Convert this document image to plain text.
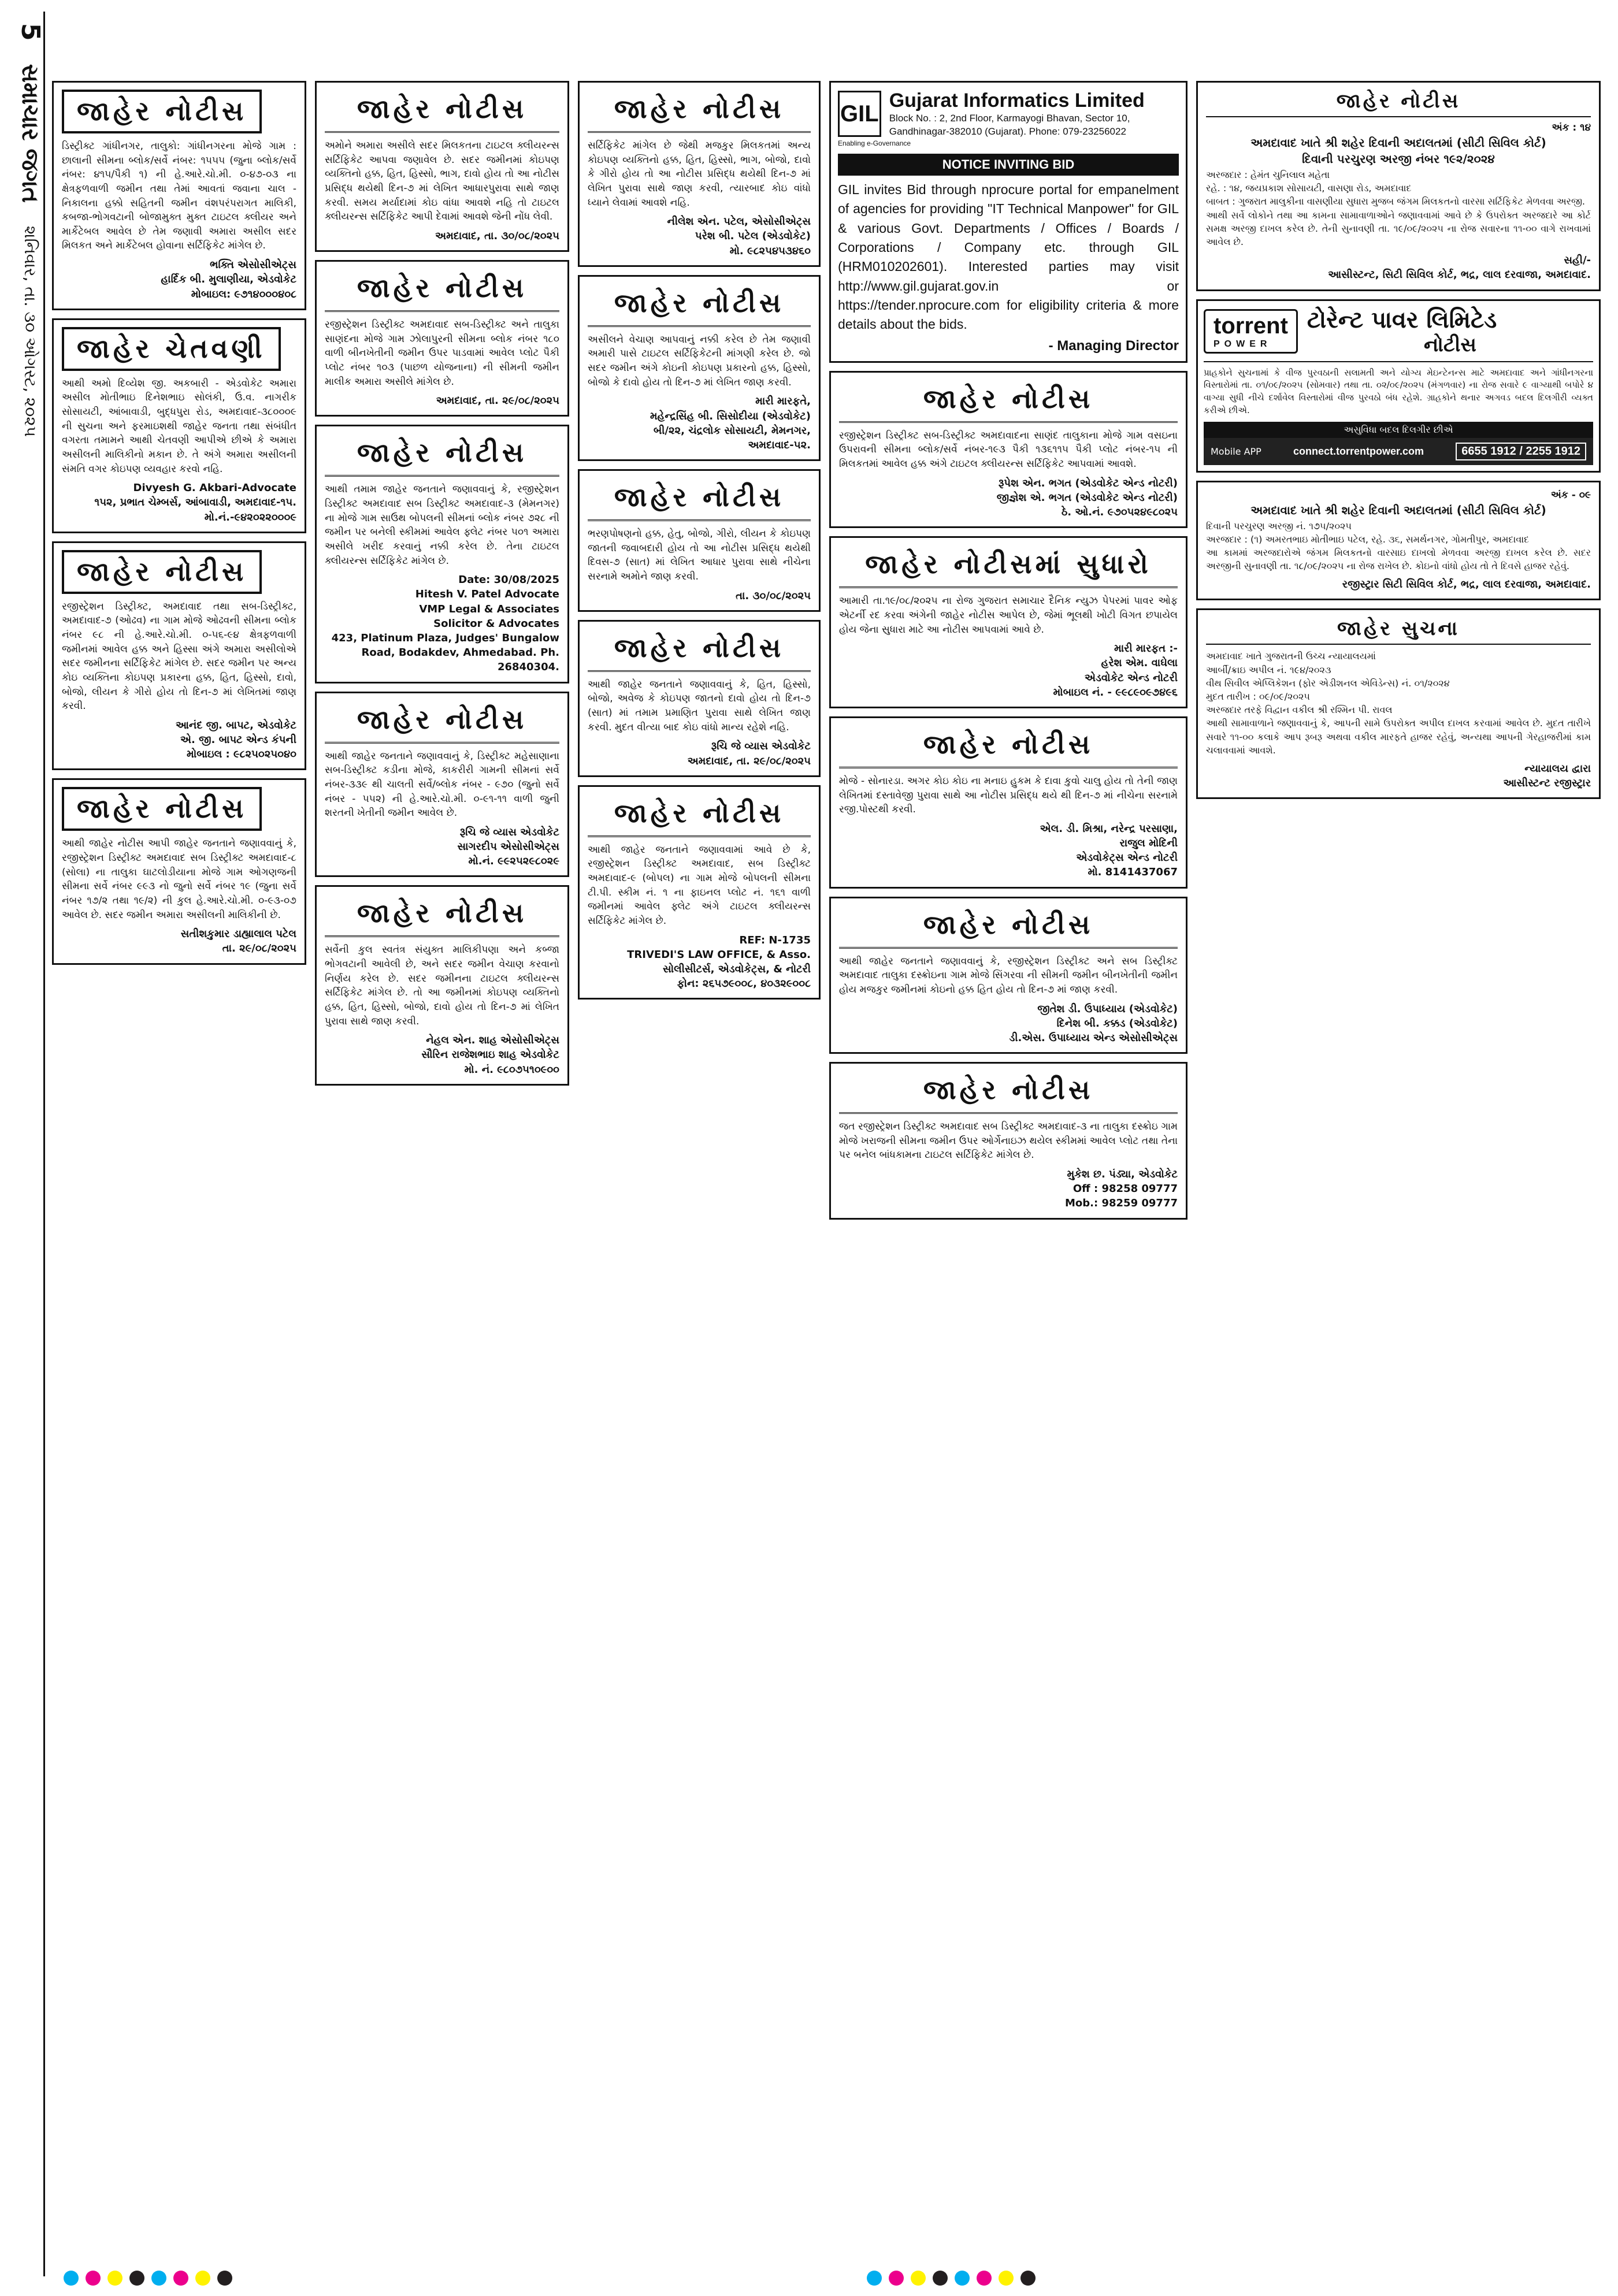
5
સમાચાર જગત
શનિવાર, તા. ૩૦ ઓગસ્ટ, ૨૦૨૫
જાહેર નોટીસ
ડિસ્ટ્રીક્ટ ગાંધીનગર, તાલુકો: ગાંધીનગરના મોજે ગામ : છાલાની સીમના બ્લોક/સર્વે નંબર: ૧૫૫૫ (જુના બ્લોક/સર્વે નંબર: ૪૧૫/પૈકી ૧) ની હે.આરે.ચો.મી. ૦-૪૭-૦૩ ના ક્ષેત્રફળવાળી જમીન તથા તેમાં આવતાં જવાના ચાલ - નિકાલના હક્કો સહિતની જમીન વંશપરંપરાગત માલિકી, કબજા-ભોગવટાની બોજામુક્ત મુક્ત ટાઇટલ ક્લીયર અને માર્કેટેબલ આવેલ છે તેમ જણાવી અમારા અસીલ સદર મિલકત અને માર્કેટેબલ હોવાના સર્ટિફિકેટ માંગેલ છે.
ભક્તિ એસોસીએટ્સ
હાર્દિક બી. મુલાણીયા, એડવોકેટ
મોબાઇલ: ૯૭૧૪૦૦૦૪૦૮
જાહેર ચેતવણી
આથી અમો દિવ્યેશ જી. અકબારી - એડવોકેટ અમારા અસીલ મોતીભાઇ દિનેશભાઇ સોલંકી, ઉ.વ. નાગરીક સોસાયટી, આંબાવાડી, બુદ્ધપુરા રોડ, અમદાવાદ-૩૮૦૦૦૯ ની સુચના અને ફરમાઇશથી જાહેર જનતા તથા સંબંધીત વગરતા તમામને આથી ચેતવણી આપીએ છીએ કે અમારા અસીલની માલિકીનો મકાન છે. તે અંગે અમારા અસીલની સંમતિ વગર કોઇપણ વ્યવહાર કરવો નહિ.
Divyesh G. Akbari-Advocate
૧૫૨, પ્રભાત ચેમ્બર્સ, આંબાવાડી, અમદાવાદ-૧૫.
મો.નં.-૯૪૨૦૨૨૦૦૦૯
જાહેર નોટીસ
રજીસ્ટ્રેશન ડિસ્ટ્રીક્ટ, અમદાવાદ તથા સબ-ડિસ્ટ્રીક્ટ, અમદાવાદ-૭ (ઓઢવ) ના ગામ મોજે ઓઢવની સીમના બ્લોક નંબર ૯૮ ની હે.આરે.ચો.મી. ૦-૫૬-૯૪ ક્ષેત્રફળવાળી જમીનમાં આવેલ હક્ક અને હિસ્સા અંગે અમારા અસીલોએ સદર જમીનના સર્ટિફિકેટ માંગેલ છે. સદર જમીન પર અન્ય કોઇ વ્યક્તિના કોઇપણ પ્રકારના હક્ક, હિત, હિસ્સો, દાવો, બોજો, લીયન કે ગીરો હોય તો દિન-૭ માં લેખિતમાં જાણ કરવી.
આનંદ જી. બાપટ, એડવોકેટ
એ. જી. બાપટ એન્ડ કંપની
મોબાઇલ : ૯૮૨૫૦૨૫૦૪૦
જાહેર નોટીસ
આથી જાહેર નોટીસ આપી જાહેર જનતાને જણાવવાનું કે, રજીસ્ટ્રેશન ડિસ્ટ્રીક્ટ અમદાવાદ સબ ડિસ્ટ્રીક્ટ અમદાવાદ-૮ (સોલા) ના તાલુકા ઘાટલોડીયાના મોજે ગામ ઓગણજની સીમના સર્વે નંબર ૯૯૩ નો જુનો સર્વે નંબર ૧૯ (જુના સર્વે નંબર ૧૭/૨ તથા ૧૯/૨) ની કુલ હે.આરે.ચો.મી. ૦-૯૩-૦૭ આવેલ છે. સદર જમીન અમારા અસીલની માલિકીની છે.
સતીશકુમાર ડાહ્યાલાલ પટેલ
તા. ૨૯/૦૮/૨૦૨૫
જાહેર નોટીસ
અમોને અમારા અસીલે સદર મિલકતના ટાઇટલ ક્લીયરન્સ સર્ટિફિકેટ આપવા જણાવેલ છે. સદર જમીનમાં કોઇપણ વ્યક્તિનો હક્ક, હિત, હિસ્સો, ભાગ, દાવો હોય તો આ નોટીસ પ્રસિદ્ધ થયેથી દિન-૭ માં લેખિત આધારપુરાવા સાથે જાણ કરવી. સમય મર્યાદામાં કોઇ વાંધા આવશે નહિ તો ટાઇટલ ક્લીયરન્સ સર્ટિફિકેટ આપી દેવામાં આવશે જેની નોંધ લેવી.
અમદાવાદ, તા. ૩૦/૦૮/૨૦૨૫
જાહેર નોટીસ
રજીસ્ટ્રેશન ડિસ્ટ્રીક્ટ અમદાવાદ સબ-ડિસ્ટ્રીક્ટ અને તાલુકા સાણંદના મોજે ગામ ઝોલાપુરની સીમના બ્લોક નંબર ૧૮૦ વાળી બીનખેતીની જમીન ઉપર પાડવામાં આવેલ પ્લોટ પૈકી પ્લોટ નંબર ૧૦૩ (પાછળ યોજનાના) ની સીમની જમીન માલીક અમારા અસીલે માંગેલ છે.
અમદાવાદ, તા. ૨૯/૦૮/૨૦૨૫
જાહેર નોટીસ
આથી તમામ જાહેર જનતાને જણાવવાનું કે, રજીસ્ટ્રેશન ડિસ્ટ્રીક્ટ અમદાવાદ સબ ડિસ્ટ્રીક્ટ અમદાવાદ-૩ (મેમનગર) ના મોજે ગામ સાઉથ બોપલની સીમનાં બ્લોક નંબર ૭૨૮ ની જમીન પર બનેલી સ્કીમમાં આવેલ ફ્લેટ નંબર ૫૦૧ અમારા અસીલે ખરીદ કરવાનું નક્કી કરેલ છે. તેના ટાઇટલ ક્લીયરન્સ સર્ટિફિકેટ માંગેલ છે.
Date: 30/08/2025
Hitesh V. Patel Advocate
VMP Legal & Associates
Solicitor & Advocates
423, Platinum Plaza, Judges' Bungalow Road, Bodakdev, Ahmedabad. Ph. 26840304.
જાહેર નોટીસ
આથી જાહેર જનતાને જણાવવાનું કે, ડિસ્ટ્રીક્ટ મહેસાણાના સબ-ડિસ્ટ્રીક્ટ કડીના મોજે, કાકરીરી ગામની સીમનાં સર્વે નંબર-૩૩૯ થી ચાલતી સર્વે/બ્લોક નંબર - ૯૭૦ (જુનો સર્વે નંબર - ૫૫૨) ની હે.આરે.ચો.મી. ૦-૯૧-૧૧ વાળી જુની શરતની ખેતીની જમીન આવેલ છે.
રૂચિ જે વ્યાસ એડવોકેટ
સાગરદીપ એસોસીએટ્સ
મો.નં. ૯૯૨૫૨૯૮૦૨૯
જાહેર નોટીસ
સર્વેની કુલ સ્વતંત્ર સંયુક્ત માલિકીપણા અને કબ્જા ભોગવટાની આવેલી છે, અને સદર જમીન વેચાણ કરવાનો નિર્ણય કરેલ છે. સદર જમીનના ટાઇટલ ક્લીયરન્સ સર્ટિફિકેટ માંગેલ છે. તો આ જમીનમાં કોઇપણ વ્યક્તિનો હક્ક, હિત, હિસ્સો, બોજો, દાવો હોય તો દિન-૭ માં લેખિત પુરાવા સાથે જાણ કરવી.
નેહલ એન. શાહ એસોસીએટ્સ
સૌરિન રાજેશભાઇ શાહ એડવોકેટ
મો. નં. ૯૮૦૭૫૧૦૯૦૦
જાહેર નોટીસ
સર્ટિફિકેટ માંગેલ છે જેથી મજકુર મિલકતમાં અન્ય કોઇપણ વ્યક્તિનો હક્ક, હિત, હિસ્સો, ભાગ, બોજો, દાવો કે ગીરો હોય તો આ નોટીસ પ્રસિદ્ધ થયેથી દિન-૭ માં લેખિત પુરાવા સાથે જાણ કરવી, ત્યારબાદ કોઇ વાંધો ધ્યાને લેવામાં આવશે નહિ.
નીલેશ એન. પટેલ, એસોસીએટ્સ
પરેશ બી. પટેલ (એડવોકેટ)
મો. ૯૮૨૫૪૫૩૪૬૦
જાહેર નોટીસ
અસીલને વેચાણ આપવાનું નક્કી કરેલ છે તેમ જણાવી અમારી પાસે ટાઇટલ સર્ટિફિકેટની માંગણી કરેલ છે. જો સદર જમીન અંગે કોઇની કોઇપણ પ્રકારનો હક્ક, હિસ્સો, બોજો કે દાવો હોય તો દિન-૭ માં લેખિત જાણ કરવી.
મારી મારફતે,
મહેન્દ્રસિંહ બી. સિસોદીયા (એડવોકેટ)
બી/૨૨, ચંદ્રલોક સોસાયટી, મેમનગર, અમદાવાદ-૫૨.
જાહેર નોટીસ
ભરણપોષણનો હક્ક, હેતુ, બોજો, ગીરો, લીયન કે કોઇપણ જાતની જવાબદારી હોય તો આ નોટીસ પ્રસિદ્ધ થયેથી દિવસ-૭ (સાત) માં લેખિત આધાર પુરાવા સાથે નીચેના સરનામે અમોને જાણ કરવી.
તા. ૩૦/૦૮/૨૦૨૫
જાહેર નોટીસ
આથી જાહેર જનતાને જણાવવાનું કે, હિત, હિસ્સો, બોજો, અવેજ કે કોઇપણ જાતનો દાવો હોય તો દિન-૭ (સાત) માં તમામ પ્રમાણિત પુરાવા સાથે લેખિત જાણ કરવી. મુદત વીત્યા બાદ કોઇ વાંધો માન્ય રહેશે નહિ.
રૂચિ જે વ્યાસ એડવોકેટ
અમદાવાદ, તા. ૨૯/૦૮/૨૦૨૫
જાહેર નોટીસ
આથી જાહેર જનતાને જણાવવામાં આવે છે કે, રજીસ્ટ્રેશન ડિસ્ટ્રીક્ટ અમદાવાદ, સબ ડિસ્ટ્રીક્ટ અમદાવાદ-૯ (બોપલ) ના ગામ મોજે બોપલની સીમના ટી.પી. સ્કીમ નં. ૧ ના ફાઇનલ પ્લોટ નં. ૧૬૧ વાળી જમીનમાં આવેલ ફ્લેટ અંગે ટાઇટલ ક્લીયરન્સ સર્ટિફિકેટ માંગેલ છે.
REF: N-1735
TRIVEDI'S LAW OFFICE, & Asso.
સોલીસીટર્સ, એડવોકેટ્સ, & નોટરી
ફોન: ૨૬૫૭૯૦૦૮, ૪૦૩૨૯૦૦૮
GIL
Gujarat Informatics Limited
Block No. : 2, 2nd Floor, Karmayogi Bhavan, Sector 10, Gandhinagar-382010 (Gujarat). Phone: 079-23256022
Enabling e-Governance
NOTICE INVITING BID
GIL invites Bid through nprocure portal for empanelment of agencies for providing "IT Technical Manpower" for GIL & various Govt. Departments / Offices / Boards / Corporations / Company etc. through GIL (HRM010202601). Interested parties may visit http://www.gil.gujarat.gov.in or https://tender.nprocure.com for eligibility criteria & more details about the bids.
- Managing Director
જાહેર નોટીસ
રજીસ્ટ્રેશન ડિસ્ટ્રીક્ટ સબ-ડિસ્ટ્રીક્ટ અમદાવાદના સાણંદ તાલુકાના મોજે ગામ વસઇના ઉપરાવની સીમના બ્લોક/સર્વે નંબર-૧૯૩ પૈકી ૧૩૬૧૧૫ પૈકી પ્લોટ નંબર-૧૫ ની મિલકતમાં આવેલ હક્ક અંગે ટાઇટલ ક્લીયરન્સ સર્ટિફિકેટ આપવામાં આવશે.
રૂપેશ એન. ભગત (એડવોકેટ એન્ડ નોટરી)
જીજ્ઞેશ એ. ભગત (એડવોકેટ એન્ડ નોટરી)
ઠે. ઓ.નં. ૯૭૦૫૨૪૯૮૦૨૫
જાહેર નોટીસમાં સુધારો
આમારી તા.૧૯/૦૮/૨૦૨૫ ના રોજ ગુજરાત સમાચાર દૈનિક ન્યુઝ પેપરમાં પાવર ઓફ એટર્ની રદ કરવા અંગેની જાહેર નોટીસ આપેલ છે, જેમાં ભૂલથી ખોટી વિગત છપાયેલ હોય જેના સુધારા માટે આ નોટીસ આપવામાં આવે છે.
મારી મારફત :-
હરેશ એમ. વાઘેલા
એડવોકેટ એન્ડ નોટરી
મોબાઇલ નં. - ૯૯૮૯૦૯૭૪૯૬
જાહેર નોટીસ
મોજે - સોનારડા. અગર કોઇ કોઇ ના મનાઇ હુકમ કે દાવા કુવો ચાલુ હોય તો તેની જાણ લેખિતમાં દસ્તાવેજી પુરાવા સાથે આ નોટીસ પ્રસિદ્ધ થયે થી દિન-૭ માં નીચેના સરનામે રજી.પોસ્ટથી કરવી.
એલ. ડી. મિશ્રા, નરેન્દ્ર પરસાણા,
રાજુલ મોદિની
એડવોકેટ્સ એન્ડ નોટરી
મો. 8141437067
જાહેર નોટીસ
આથી જાહેર જનતાને જણાવવાનું કે, રજીસ્ટ્રેશન ડિસ્ટ્રીક્ટ અને સબ ડિસ્ટ્રીક્ટ અમદાવાદ તાલુકા દસ્ક્રોઇના ગામ મોજે સિંગરવા ની સીમની જમીન બીનખેતીની જમીન હોય મજકુર જમીનમાં કોઇનો હક્ક હિત હોય તો દિન-૭ માં જાણ કરવી.
જીતેશ ડી. ઉપાધ્યાય (એડવોકેટ)
દિનેશ બી. કક્કડ (એડવોકેટ)
ડી.એસ. ઉપાધ્યાય એન્ડ એસોસીએટ્સ
જાહેર નોટીસ
જત રજીસ્ટ્રેશન ડિસ્ટ્રીક્ટ અમદાવાદ સબ ડિસ્ટ્રીક્ટ અમદાવાદ-૩ ના તાલુકા દસ્ક્રોઇ ગામ મોજે ખરાજની સીમના જમીન ઉપર ઓર્ગેનાઇઝ થયેલ સ્કીમમાં આવેલ પ્લોટ તથા તેના પર બનેલ બાંધકામના ટાઇટલ સર્ટિફિકેટ માંગેલ છે.
મુકેશ છ. પંડ્યા, એડવોકેટ
Off : 98258 09777
Mob.: 98259 09777
જાહેર નોટીસ
અંક : ૧૪
અમદાવાદ ખાતે શ્રી શહેર દિવાની અદાલતમાં (સીટી સિવિલ કોર્ટ)
દિવાની પરચુરણ અરજી નંબર ૧૯૨/૨૦૨૪
અરજદાર : હેમંત ચુનિલાલ મહેતા
રહે. : ૧૪, જયપ્રકાશ સોસાયટી, વાસણા રોડ, અમદાવાદ
બાબત : ગુજરાત માલુકીના વાસણીયા સુધારા મુજબ જંગમ મિલકતનો વારસા સર્ટિફિકેટ મેળવવા અરજી.
આથી સર્વે લોકોને તથા આ કામના સામાવાળાઓને જણાવવામાં આવે છે કે ઉપરોક્ત અરજદારે આ કોર્ટ સમક્ષ અરજી દાખલ કરેલ છે. તેની સુનાવણી તા. ૧૯/૦૯/૨૦૨૫ ના રોજ સવારના ૧૧-૦૦ વાગે રાખવામાં આવેલ છે.
સહી/-
આસીસ્ટન્ટ, સિટી સિવિલ કોર્ટ, ભદ્ર, લાલ દરવાજા, અમદાવાદ.
torrent
POWER
ટોરેન્ટ પાવર લિમિટેડ
નોટીસ
પ્રાહકોને સુચનામાં કે વીજ પુરવઠાની સલામતી અને યોગ્ય મેઇન્ટેનન્સ માટે અમદાવાદ અને ગાંધીનગરના વિસ્તારોમાં તા. ૦૧/૦૯/૨૦૨૫ (સોમવાર) તથા તા. ૦૨/૦૯/૨૦૨૫ (મંગળવાર) ના રોજ સવારે ૯ વાગ્યાથી બપોરે ૪ વાગ્યા સુધી નીચે દર્શાવેલ વિસ્તારોમાં વીજ પુરવઠો બંધ રહેશે. ગ્રાહકોને થનાર અગવડ બદલ દિલગીરી વ્યક્ત કરીએ છીએ.
અસુવિધા બદલ દિલગીર છીએ
Mobile APP	connect.torrentpower.com	6655 1912 / 2255 1912
અંક - ૦૯
અમદાવાદ ખાતે શ્રી શહેર દિવાની અદાલતમાં (સીટી સિવિલ કોર્ટ)
દિવાની પરચુરણ અરજી નં. ૧૭૫/૨૦૨૫
અરજદાર : (૧) અમરતભાઇ મોતીભાઇ પટેલ, રહે. ૩૬, સમર્થનગર, ગોમતીપુર, અમદાવાદ
આ કામમાં અરજદારોએ જંગમ મિલકતનો વારસાઇ દાખલો મેળવવા અરજી દાખલ કરેલ છે. સદર અરજીની સુનાવણી તા. ૧૮/૦૯/૨૦૨૫ ના રોજ રાખેલ છે. કોઇનો વાંધો હોય તો તે દિવસે હાજર રહેવું.
રજીસ્ટ્રાર સિટી સિવિલ કોર્ટ, ભદ્ર, લાલ દરવાજા, અમદાવાદ.
જાહેર સુચના
અમદાવાદ ખાતે ગુજરાતની ઉચ્ચ ન્યાયાલયમાં
આર્બી/ક્રાઇ અપીલ નં. ૧૯૪/૨૦૨૩
વીથ સિવીલ એપ્લિકેશન (ફોર એડીશનલ એવિડેન્સ) નં. ૦૧/૨૦૨૪
મુદત તારીખ : ૦૯/૦૯/૨૦૨૫
અરજદાર તરફે વિદ્વાન વકીલ શ્રી રશ્મિન પી. રાવલ
આથી સામાવાળાને જણાવવાનું કે, આપની સામે ઉપરોક્ત અપીલ દાખલ કરવામાં આવેલ છે. મુદત તારીખે સવારે ૧૧-૦૦ કલાકે આપ રૂબરૂ અથવા વકીલ મારફતે હાજર રહેવું, અન્યથા આપની ગેરહાજરીમાં કામ ચલાવવામાં આવશે.
ન્યાયાલય દ્વારા
આસીસ્ટન્ટ રજીસ્ટ્રાર
